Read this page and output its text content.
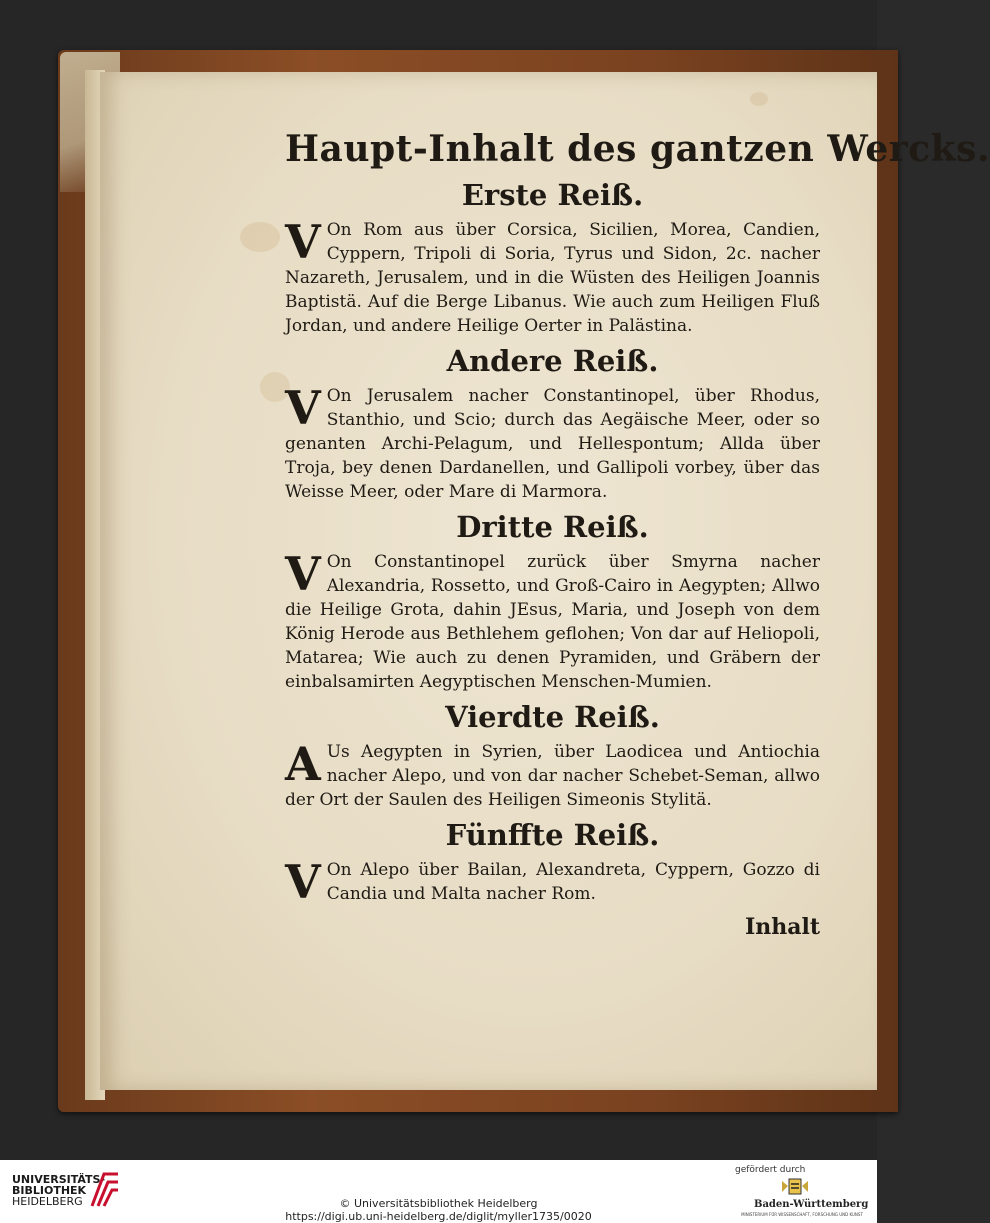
Haupt-Inhalt des gantzen Wercks.
Erste Reiß.

V On Rom aus über Corsica, Sicilien, Morea, Candien, Cyppern, Tripoli di Soria, Tyrus und Sidon, 2c. nacher Nazareth, Jerusalem, und in die Wüsten des Heiligen Joannis Baptistä. Auf die Berge Libanus. Wie auch zum Heiligen Fluß Jordan, und andere Heilige Oerter in Palästina.

Andere Reiß.

V On Jerusalem nacher Constantinopel, über Rhodus, Stanthio, und Scio; durch das Aegäische Meer, oder so genanten Archi-Pelagum, und Hellespontum; Allda über Troja, bey denen Dardanellen, und Gallipoli vorbey, über das Weisse Meer, oder Mare di Marmora.

Dritte Reiß.

V On Constantinopel zurück über Smyrna nacher Alexandria, Rossetto, und Groß-Cairo in Aegypten; Allwo die Heilige Grota, dahin JEsus, Maria, und Joseph von dem König Herode aus Bethlehem geflohen; Von dar auf Heliopoli, Matarea; Wie auch zu denen Pyramiden, und Gräbern der einbalsamirten Aegyptischen Menschen-Mumien.

Vierdte Reiß.

A Us Aegypten in Syrien, über Laodicea und Antiochia nacher Alepo, und von dar nacher Schebet-Seman, allwo der Ort der Saulen des Heiligen Simeonis Stylitä.

Fünffte Reiß.

V On Alepo über Bailan, Alexandreta, Cyppern, Gozzo di Candia und Malta nacher Rom.

Inhalt
UNIVERSITÄTS-
BIBLIOTHEK
HEIDELBERG	© Universitätsbibliothek Heidelberg
https://digi.ub.uni-heidelberg.de/diglit/myller1735/0020
gefördert durch
Baden-Württemberg
MINISTERIUM FÜR WISSENSCHAFT, FORSCHUNG UND KUNST
